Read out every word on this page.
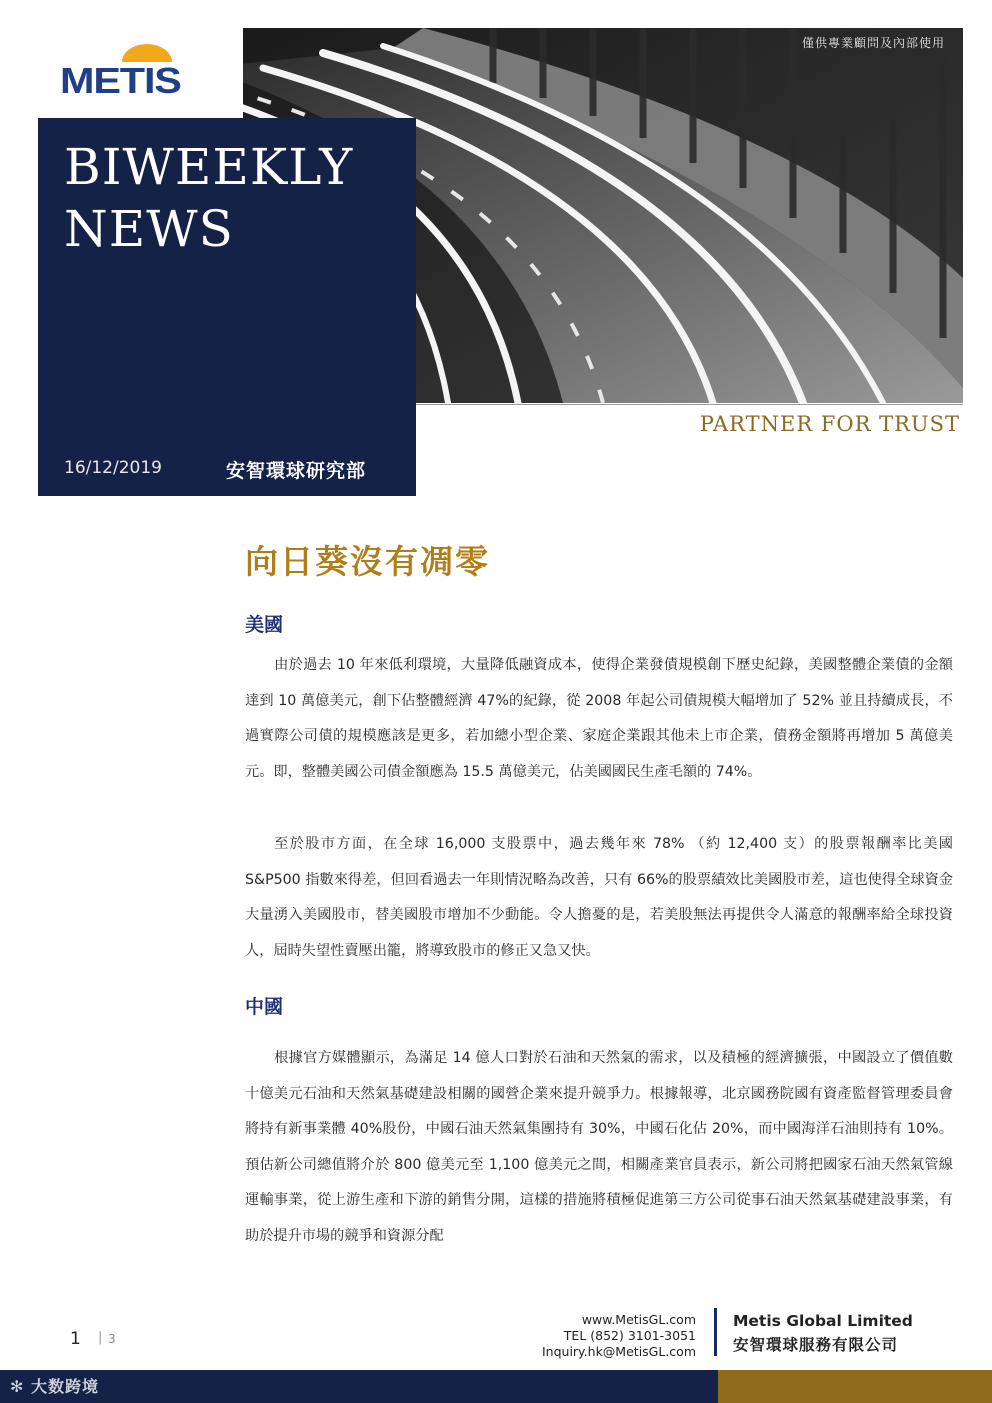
僅供專業顧問及內部使用
METIS
BIWEEKLY
NEWS
16/12/2019	安智環球研究部
PARTNER FOR TRUST
向日葵沒有凋零
美國

由於過去 10 年來低利環境，大量降低融資成本，使得企業發債規模創下歷史紀錄，美國整體企業債的金額達到 10 萬億美元，創下佔整體經濟 47%的紀錄，從 2008 年起公司債規模大幅增加了 52% 並且持續成長，不過實際公司債的規模應該是更多，若加總小型企業、家庭企業跟其他未上市企業，債務金額將再增加 5 萬億美元。即，整體美國公司債金額應為 15.5 萬億美元，佔美國國民生產毛額的 74%。

至於股市方面，在全球 16,000 支股票中，過去幾年來 78% （約 12,400 支）的股票報酬率比美國 S&P500 指數來得差，但回看過去一年則情況略為改善，只有 66%的股票績效比美國股市差，這也使得全球資金大量湧入美國股市，替美國股市增加不少動能。令人擔憂的是，若美股無法再提供令人滿意的報酬率給全球投資人，屆時失望性賣壓出籠，將導致股市的修正又急又快。

中國

根據官方媒體顯示，為滿足 14 億人口對於石油和天然氣的需求，以及積極的經濟擴張，中國設立了價值數十億美元石油和天然氣基礎建設相關的國營企業來提升競爭力。根據報導，北京國務院國有資產監督管理委員會將持有新事業體 40%股份，中國石油天然氣集團持有 30%，中國石化佔 20%，而中國海洋石油則持有 10%。預估新公司總值將介於 800 億美元至 1,100 億美元之間，相關產業官員表示，新公司將把國家石油天然氣管線運輸事業，從上游生產和下游的銷售分開，這樣的措施將積極促進第三方公司從事石油天然氣基礎建設事業，有助於提升市場的競爭和資源分配

1 | 3
www.MetisGL.com
TEL (852) 3101-3051
Inquiry.hk@MetisGL.com
Metis Global Limited
安智環球服務有限公司
✻ 大数跨境
